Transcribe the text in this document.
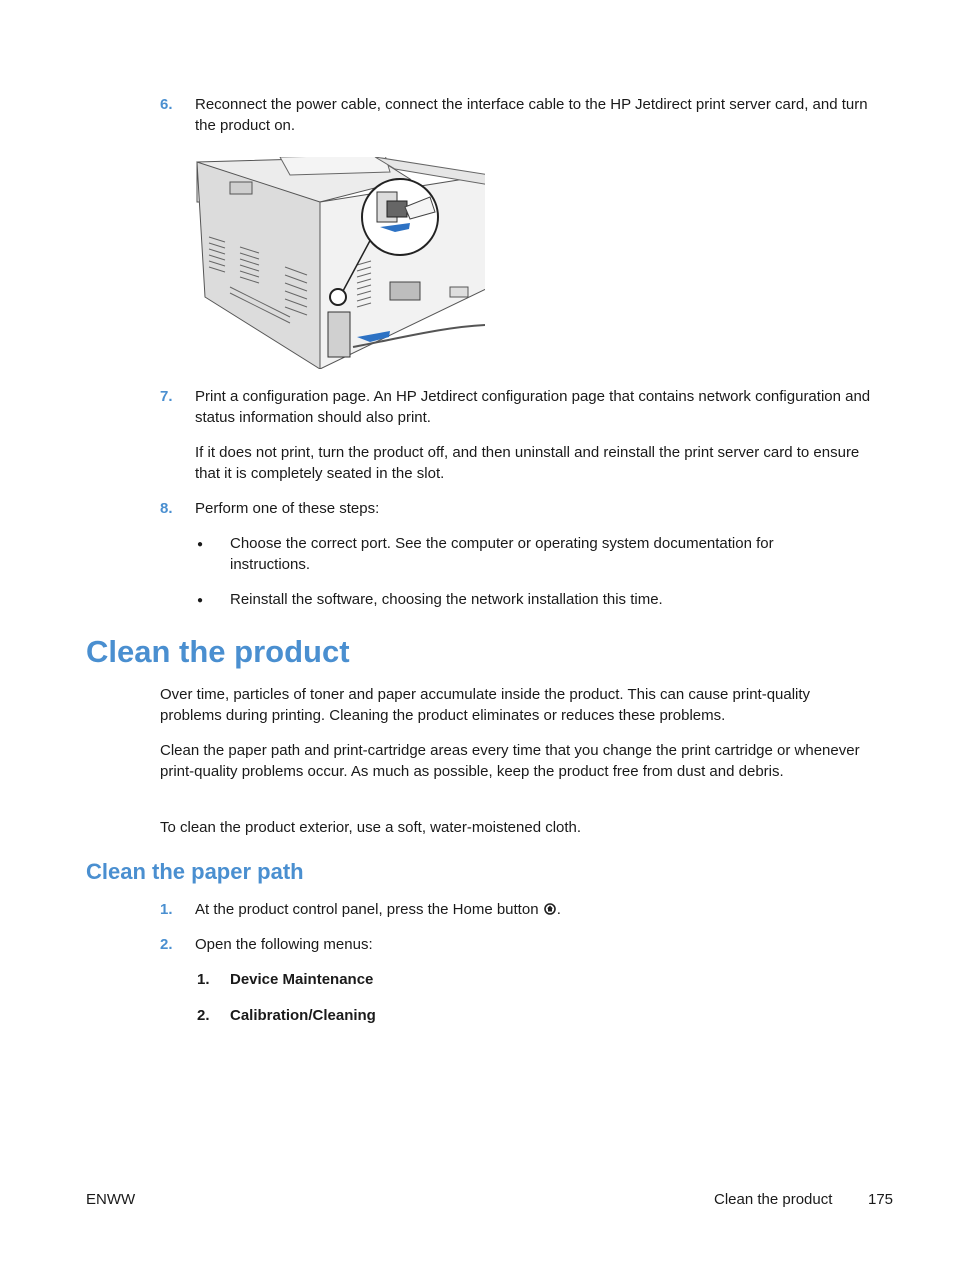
6. Reconnect the power cable, connect the interface cable to the HP Jetdirect print server card, and turn the product on.
7. Print a configuration page. An HP Jetdirect configuration page that contains network configuration and status information should also print.
If it does not print, turn the product off, and then uninstall and reinstall the print server card to ensure that it is completely seated in the slot.
8. Perform one of these steps:
● Choose the correct port. See the computer or operating system documentation for instructions.
● Reinstall the software, choosing the network installation this time.
Clean the product
Over time, particles of toner and paper accumulate inside the product. This can cause print-quality problems during printing. Cleaning the product eliminates or reduces these problems.
Clean the paper path and print-cartridge areas every time that you change the print cartridge or whenever print-quality problems occur. As much as possible, keep the product free from dust and debris.
To clean the product exterior, use a soft, water-moistened cloth.
Clean the paper path
1. At the product control panel, press the Home button .
2. Open the following menus:
1. Device Maintenance
2. Calibration/Cleaning
ENWW	Clean the product 175
